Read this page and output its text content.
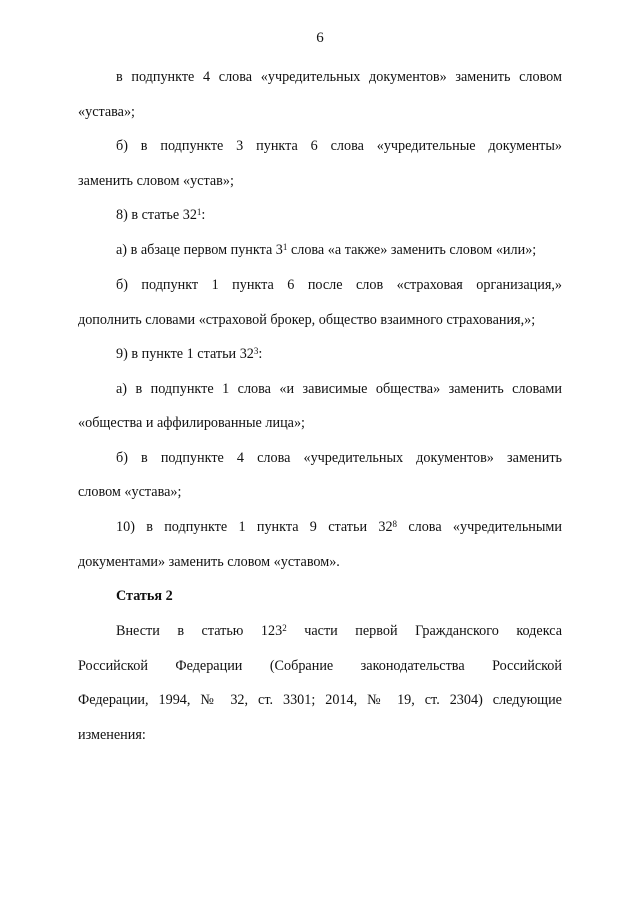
6
в подпункте 4 слова «учредительных документов» заменить словом
«устава»;
б) в подпункте 3 пункта 6 слова «учредительные документы»
заменить словом «устав»;
8) в статье $32^1$:
а) в абзаце первом пункта $3^1$ слова «а также» заменить словом «или»;
б) подпункт 1 пункта 6 после слов «страховая организация,»
дополнить словами «страховой брокер, общество взаимного страхования,»;
9) в пункте 1 статьи $32^3$:
а) в подпункте 1 слова «и зависимые общества» заменить словами
«общества и аффилированные лица»;
б) в подпункте 4 слова «учредительных документов» заменить
словом «устава»;
10) в подпункте 1 пункта 9 статьи $32^8$ слова «учредительными
документами» заменить словом «уставом».
Статья 2
Внести в статью $123^2$ части первой Гражданского кодекса
Российской Федерации (Собрание законодательства Российской
Федерации, 1994, № 32, ст. 3301; 2014, № 19, ст. 2304) следующие
изменения:
